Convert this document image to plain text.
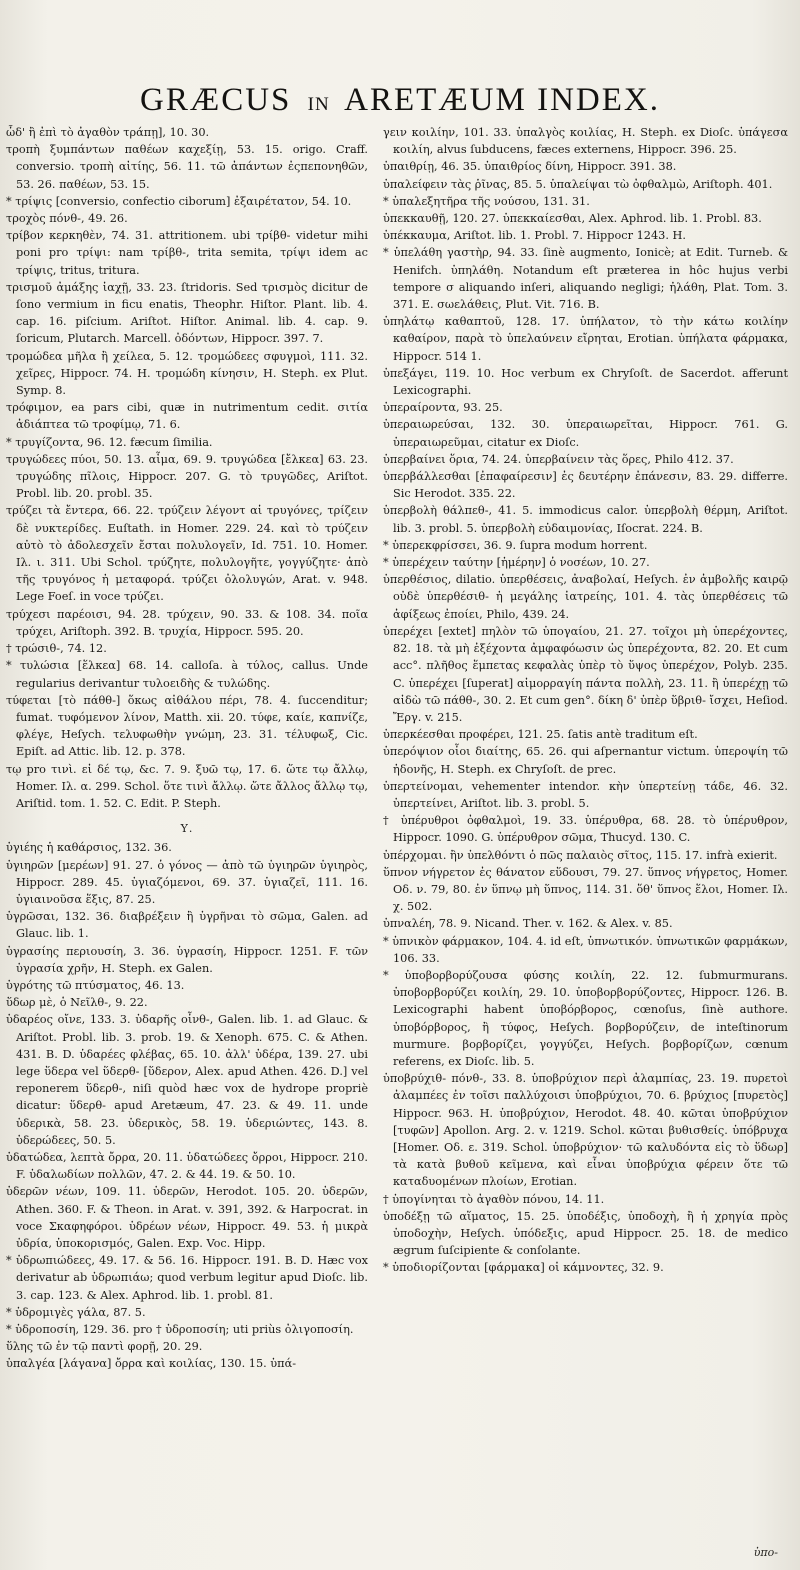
GRÆCUS IN ARETÆUM INDEX.

ὧδ' ἢ ἐπὶ τὸ ἀγαθὸν τράπῃ], 10. 30.

τροπὴ ξυμπάντων παθέων καχεξίῃ, 53. 15. origo. Craff. conversio. τροπὴ αἰτίης, 56. 11. τῶ ἀπάντων ἐςπεπονηθῶν, 53. 26. παθέων, 53. 15.

* τρίψις [conversio, confectio ciborum] ἐξαιρέτατον, 54. 10.

τροχὸς πόνθ-, 49. 26.

τρίβον κερκηθὲν, 74. 31. attritionem. ubi τρίβθ- videtur mihi poni pro τρίψι: nam τρίβθ-, trita semita, τρίψι idem ac τρίψις, tritus, tritura.

τρισμοῦ ἀμάξης ἰαχῇ, 33. 23. ſtridoris. Sed τρισμὸς dicitur de ſono vermium in ficu enatis, Theophr. Hiſtor. Plant. lib. 4. cap. 16. piſcium. Ariſtot. Hiſtor. Animal. lib. 4. cap. 9. ſoricum, Plutarch. Marcell. ὀδόντων, Hippocr. 397. 7.

τρομώδεα μῆλα ἢ χείλεα, 5. 12. τρομώδεες σφυγμοὶ, 111. 32. χεῖρες, Hippocr. 74. H. τρομώδη κίνησιν, H. Steph. ex Plut. Symp. 8.

τρόφιμον, ea pars cibi, quæ in nutrimentum cedit. σιτία ἀδιάπτεα τῶ τροφίμῳ, 71. 6.

* τρυγίζοντα, 96. 12. fæcum ſimilia.

τρυγώδεες πύοι, 50. 13. αἷμα, 69. 9. τρυγώδεα [ἔλκεα] 63. 23. τρυγώδης πῖλοις, Hippocr. 207. G. τὸ τρυγῶδες, Ariſtot. Probl. lib. 20. probl. 35.

τρύζει τὰ ἔντερα, 66. 22. τρύζειν λέγοντ αἱ τρυγόνες, τρίζειν δὲ νυκτερίδες. Euſtath. in Homer. 229. 24. καὶ τὸ τρύζειν αὐτὸ τὸ ἀδολεσχεῖν ἔσται πολυλογεῖν, Id. 751. 10. Homer. Ιλ. ι. 311. Ubi Schol. τρύζητε, πολυλογῆτε, γογγύζητε· ἀπὸ τῆς τρυγόνος ἡ μεταφορά. τρύζει ὀλολυγών, Arat. v. 948. Lege Foeſ. in voce τρύζει.

τρύχεσι παρέοισι, 94. 28. τρύχειν, 90. 33. & 108. 34. ποῖα τρύχει, Ariſtoph. 392. B. τρυχία, Hippocr. 595. 20.

† τρώσιθ-, 74. 12.

* τυλώσια [ἕλκεα] 68. 14. calloſa. à τύλος, callus. Unde regularius derivantur τυλοειδὴς & τυλώδης.

τύφεται [τὸ πάθθ-] ὅκως αἰθάλου πέρι, 78. 4. ſuccenditur; fumat. τυφόμενον λίνον, Matth. xii. 20. τύφε, καίε, καπνίζε, φλέγε, Heſych. τελυφωθὴν γνώμη, 23. 31. τέλυφωξ, Cic. Epiſt. ad Attic. lib. 12. p. 378.

τῳ pro τινὶ. εἰ δέ τῳ, &c. 7. 9. ξυῶ τῳ, 17. 6. ὥτε τῳ ἄλλῳ, Homer. Ιλ. α. 299. Schol. ὅτε τινὶ ἄλλῳ. ὥτε ἄλλος ἄλλῳ τῳ, Ariſtid. tom. 1. 52. C. Edit. P. Steph.

Υ.

ὑγιέης ἡ καθάρσιος, 132. 36.

ὑγιηρῶν [μερέων] 91. 27. ὁ γόνος — ἀπὸ τῶ ὑγιηρῶν ὑγιηρὸς, Hippocr. 289. 45. ὑγιαζόμενοι, 69. 37. ὑγιαζεῖ, 111. 16. ὑγιαινοῦσα ἕξις, 87. 25.

ὑγρῶσαι, 132. 36. διαβρέξειν ἢ ὑγρῆναι τὸ σῶμα, Galen. ad Glauc. lib. 1.

ὑγρασίης περιουσίη, 3. 36. ὑγρασίη, Hippocr. 1251. F. τῶν ὑγρασία χρῆν, H. Steph. ex Galen.

ὑγρότης τῶ πτύσματος, 46. 13.

ὕδωρ μὲ, ὁ Νεῖλθ-, 9. 22.

ὑδαρέος οἴνε, 133. 3. ὑδαρῆς οἶνθ-, Galen. lib. 1. ad Glauc. & Ariſtot. Probl. lib. 3. prob. 19. & Xenoph. 675. C. & Athen. 431. B. D. ὑδαρέες φλέβας, 65. 10. ἀλλ' ὑδέρα, 139. 27. ubi lege ὕδερα vel ὕδερθ- [ὕδερον, Alex. apud Athen. 426. D.] vel reponerem ὕδερθ-, niſi quòd hæc vox de hydrope propriè dicatur: ὕδερθ- apud Aretæum, 47. 23. & 49. 11. unde ὑδερικὰ, 58. 23. ὑδερικὸς, 58. 19. ὑδεριώντες, 143. 8. ὑδερώδεες, 50. 5.

ὑδατώδεα, λεπτὰ ὄρρα, 20. 11. ὑδατώδεες ὄρροι, Hippocr. 210. F. ὑδαλωδίων πολλῶν, 47. 2. & 44. 19. & 50. 10.

ὑδερῶν νέων, 109. 11. ὑδερῶν, Herodot. 105. 20. ὑδερῶν, Athen. 360. F. & Theon. in Arat. v. 391, 392. & Harpocrat. in voce Σκαφηφόροι. ὑδρέων νέων, Hippocr. 49. 53. ἡ μικρὰ ὑδρία, ὑποκορισμός, Galen. Exp. Voc. Hipp.

* ὑδρωπιώδεες, 49. 17. & 56. 16. Hippocr. 191. B. D. Hæc vox derivatur ab ὑδρωπιάω; quod verbum legitur apud Dioſc. lib. 3. cap. 123. & Alex. Aphrod. lib. 1. probl. 81.

* ὑδρομιγὲς γάλα, 87. 5.

* ὑδροποσίη, 129. 36. pro † ὑδροποσίη; uti priùs ὀλιγοποσίη.

ὕλης τῶ ἐν τῷ παντὶ φορῇ, 20. 29.

ὑπαλγέα [λάγανα] ὄρρα καὶ κοιλίας, 130. 15. ὑπά-

γειν κοιλίην, 101. 33. ὑπαλγὸς κοιλίας, H. Steph. ex Dioſc. ὑπάγεσα κοιλίη, alvus ſubducens, fæces externens, Hippocr. 396. 25.

ὑπαιθρίῃ, 46. 35. ὑπαιθρίος δίνη, Hippocr. 391. 38.

ὑπαλείφειν τὰς ῥῖνας, 85. 5. ὑπαλείψαι τὼ ὀφθαλμὼ, Ariſtoph. 401.

* ὑπαλεξητῆρα τῆς νούσου, 131. 31.

ὑπεκκαυθῇ, 120. 27. ὑπεκκαίεσθαι, Alex. Aphrod. lib. 1. Probl. 83.

ὑπέκκαυμα, Ariſtot. lib. 1. Probl. 7. Hippocr 1243. H.

* ὑπελάθη γαστὴρ, 94. 33. ſinè augmento, Ionicè; at Edit. Turneb. & Henifch. ὑπηλάθη. Notandum eſt præterea in hôc hujus verbi tempore σ aliquando inſeri, aliquando negligi; ἠλάθη, Plat. Tom. 3. 371. E. σωελάθεις, Plut. Vit. 716. B.

ὑπηλάτῳ καθαπτοῦ, 128. 17. ὑπήλατον, τὸ τὴν κάτω κοιλίην καθαίρον, παρὰ τὸ ὑπελαύνειν εἴρηται, Erotian. ὑπήλατα φάρμακα, Hippocr. 514 1.

ὑπεξάγει, 119. 10. Hoc verbum ex Chryſoſt. de Sacerdot. afferunt Lexicographi.

ὑπεραίροντα, 93. 25.

ὑπεραιωρεύσαι, 132. 30. ὑπεραιωρεῖται, Hippocr. 761. G. ὑπεραιωρεῦμαι, citatur ex Dioſc.

ὑπερβαίνει ὅρια, 74. 24. ὑπερβαίνειν τὰς ὅρες, Philo 412. 37.

ὑπερβάλλεσθαι [ἐπαφαίρεσιν] ἐς δευτέρην ἐπάνεσιν, 83. 29. differre. Sic Herodot. 335. 22.

ὑπερβολὴ θάλπεθ-, 41. 5. immodicus calor. ὑπερβολὴ θέρμη, Ariſtot. lib. 3. probl. 5. ὑπερβολὴ εὐδαιμονίας, Iſocrat. 224. B.

* ὑπερεκφρίσσει, 36. 9. ſupra modum horrent.

* ὑπερέχειν ταύτην [ἡμέρην] ὁ νοσέων, 10. 27.

ὑπερθέσιος, dilatio. ὑπερθέσεις, ἀναβολαί, Heſych. ἐν ἀμβολῆς καιρῷ οὐδὲ ὑπερθέσιθ- ἡ μεγάλης ἰατρείης, 101. 4. τὰς ὑπερθέσεις τῶ ἀφίξεως ἐποίει, Philo, 439. 24.

ὑπερέχει [extet] πηλὸν τῶ ὑπογαίου, 21. 27. τοῖχοι μὴ ὑπερέχοντες, 82. 18. τὰ μὴ ἐξέχοντα ἀμφαφόωσιν ὡς ὑπερέχοντα, 82. 20. Et cum acc°. πλῆθος ἕμπετας κεφαλὰς ὑπὲρ τὸ ὕψος ὑπερέχον, Polyb. 235. C. ὑπερέχει [ſuperat] αἱμορραγίη πάντα πολλὴ, 23. 11. ἢ ὑπερέχῃ τῶ αἰδὼ τῶ πάθθ-, 30. 2. Et cum gen°. δίκη δ' ὑπὲρ ὕβριθ- ἴσχει, Heſiod. Ἔργ. v. 215.

ὑπερκέεσθαι προφέρει, 121. 25. ſatis antè traditum eſt.

ὑπερόψιον οἷοι διαίτης, 65. 26. qui aſpernantur victum. ὑπεροψίη τῶ ἡδονῆς, H. Steph. ex Chryſoſt. de prec.

ὑπερτείνομαι, vehementer intendor. κὴν ὑπερτείνῃ τάδε, 46. 32. ὑπερτείνει, Ariſtot. lib. 3. probl. 5.

† ὑπέρυθροι ὀφθαλμοὶ, 19. 33. ὑπέρυθρα, 68. 28. τὸ ὑπέρυθρον, Hippocr. 1090. G. ὑπέρυθρον σῶμα, Thucyd. 130. C.

ὑπέρχομαι. ἢν ὑπελθόντι ὁ πῶς παλαιὸς σῖτος, 115. 17. infrà exierit.

ὕπνον νήγρετον ἐς θάνατον εὕδουσι, 79. 27. ὕπνος νήγρετος, Homer. Οδ. ν. 79, 80. ἐν ὕπνῳ μὴ ὕπνος, 114. 31. ὅθ' ὕπνος ἕλοι, Homer. Ιλ. χ. 502.

ὑπναλέη, 78. 9. Nicand. Ther. v. 162. & Alex. v. 85.

* ὑπνικὸν φάρμακον, 104. 4. id eſt, ὑπνωτικόν. ὑπνωτικῶν φαρμάκων, 106. 33.

* ὑποβορβορύζουσα φύσης κοιλίη, 22. 12. ſubmurmurans. ὑποβορβορύζει κοιλίη, 29. 10. ὑποβορβορύζοντες, Hippocr. 126. B. Lexicographi habent ὑποβόρβορος, cœnoſus, ſinè authore. ὑποβόρβορος, ἢ τύφος, Heſych. βορβορύζειν, de inteſtinorum murmure. βορβορίζει, γογγύζει, Heſych. βορβορίζων, cœnum referens, ex Dioſc. lib. 5.

ὑποβρύχιθ- πόνθ-, 33. 8. ὑποβρύχιον περὶ ἀλαμπίας, 23. 19. πυρετοὶ ἀλαμπέες ἐν τοῖσι παλλύχοισι ὑποβρύχιοι, 70. 6. βρύχιος [πυρετὸς] Hippocr. 963. H. ὑποβρύχιον, Herodot. 48. 40. κῶται ὑποβρύχιον [τυφῶν] Apollon. Arg. 2. v. 1219. Schol. κῶται βυθισθείς. ὑπόβρυχα [Homer. Οδ. ε. 319. Schol. ὑποβρύχιον· τῶ καλυδόντα εἰς τὸ ὕδωρ] τὰ κατὰ βυθοῦ κεῖμενα, καὶ εἶναι ὑποβρύχια φέρειν ὅτε τῶ καταδυομένων πλοίων, Erotian.

† ὑπογίνηται τὸ ἀγαθὸν πόνου, 14. 11.

ὑποδέξῃ τῶ αἵματος, 15. 25. ὑποδέξις, ὑποδοχὴ, ἢ ἡ χρηγία πρὸς ὑποδοχὴν, Heſych. ὑπόδεξις, apud Hippocr. 25. 18. de medico ægrum ſuſcipiente & conſolante.

* ὑποδιορίζονται [φάρμακα] οἱ κάμνοντες, 32. 9.

ὑπο-
